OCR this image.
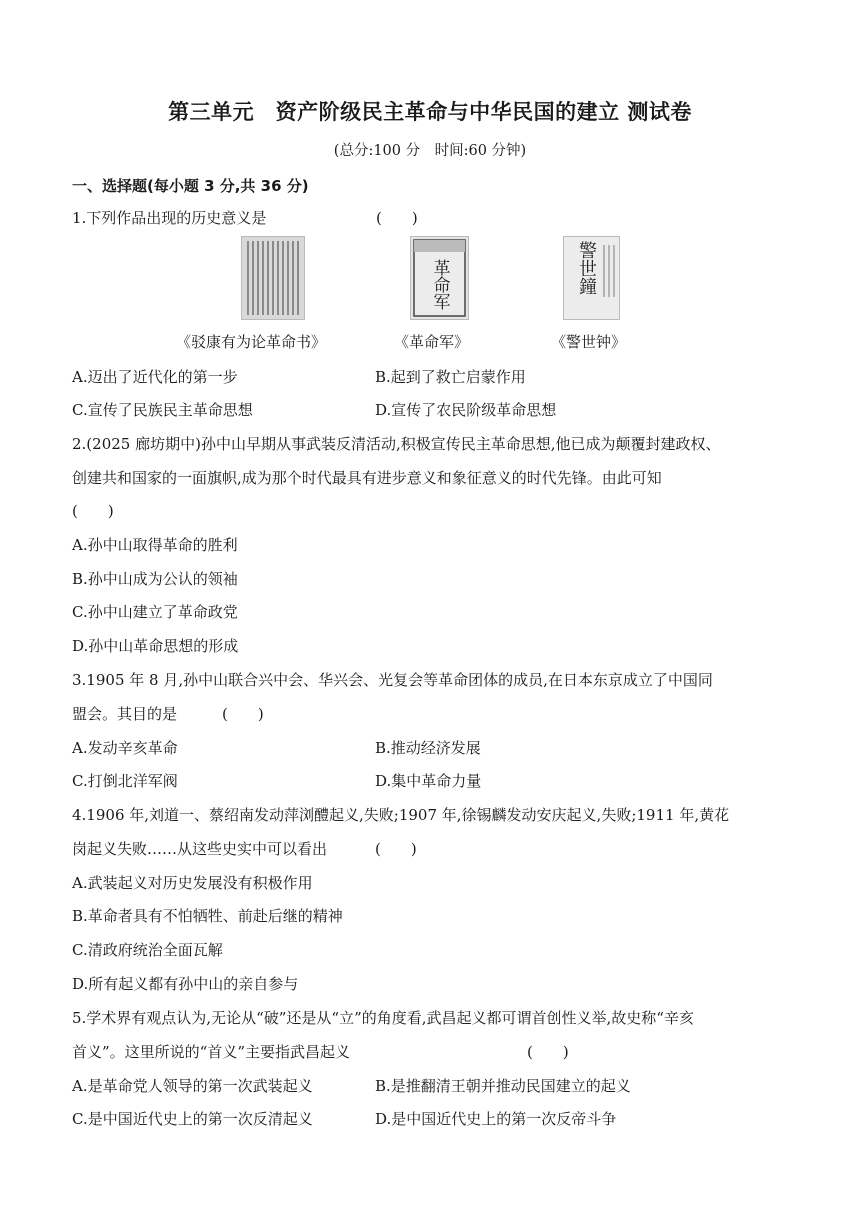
第三单元　资产阶级民主革命与中华民国的建立 测试卷
(总分:100 分　时间:60 分钟)
一、选择题(每小题 3 分,共 36 分)
1.下列作品出现的历史意义是	(　　)
革命军	警世鐘
《驳康有为论革命书》	《革命军》	《警世钟》
A.迈出了近代化的第一步	B.起到了救亡启蒙作用
C.宣传了民族民主革命思想	D.宣传了农民阶级革命思想
2.(2025 廊坊期中)孙中山早期从事武装反清活动,积极宣传民主革命思想,他已成为颠覆封建政权、
创建共和国家的一面旗帜,成为那个时代最具有进步意义和象征意义的时代先锋。由此可知
(　　)
A.孙中山取得革命的胜利
B.孙中山成为公认的领袖
C.孙中山建立了革命政党
D.孙中山革命思想的形成
3.1905 年 8 月,孙中山联合兴中会、华兴会、光复会等革命团体的成员,在日本东京成立了中国同
盟会。其目的是	(　　)
A.发动辛亥革命	B.推动经济发展
C.打倒北洋军阀	D.集中革命力量
4.1906 年,刘道一、蔡绍南发动萍浏醴起义,失败;1907 年,徐锡麟发动安庆起义,失败;1911 年,黄花
岗起义失败……从这些史实中可以看出	(　　)
A.武装起义对历史发展没有积极作用
B.革命者具有不怕牺牲、前赴后继的精神
C.清政府统治全面瓦解
D.所有起义都有孙中山的亲自参与
5.学术界有观点认为,无论从“破”还是从“立”的角度看,武昌起义都可谓首创性义举,故史称“辛亥
首义”。这里所说的“首义”主要指武昌起义	(　　)
A.是革命党人领导的第一次武装起义	B.是推翻清王朝并推动民国建立的起义
C.是中国近代史上的第一次反清起义	D.是中国近代史上的第一次反帝斗争
